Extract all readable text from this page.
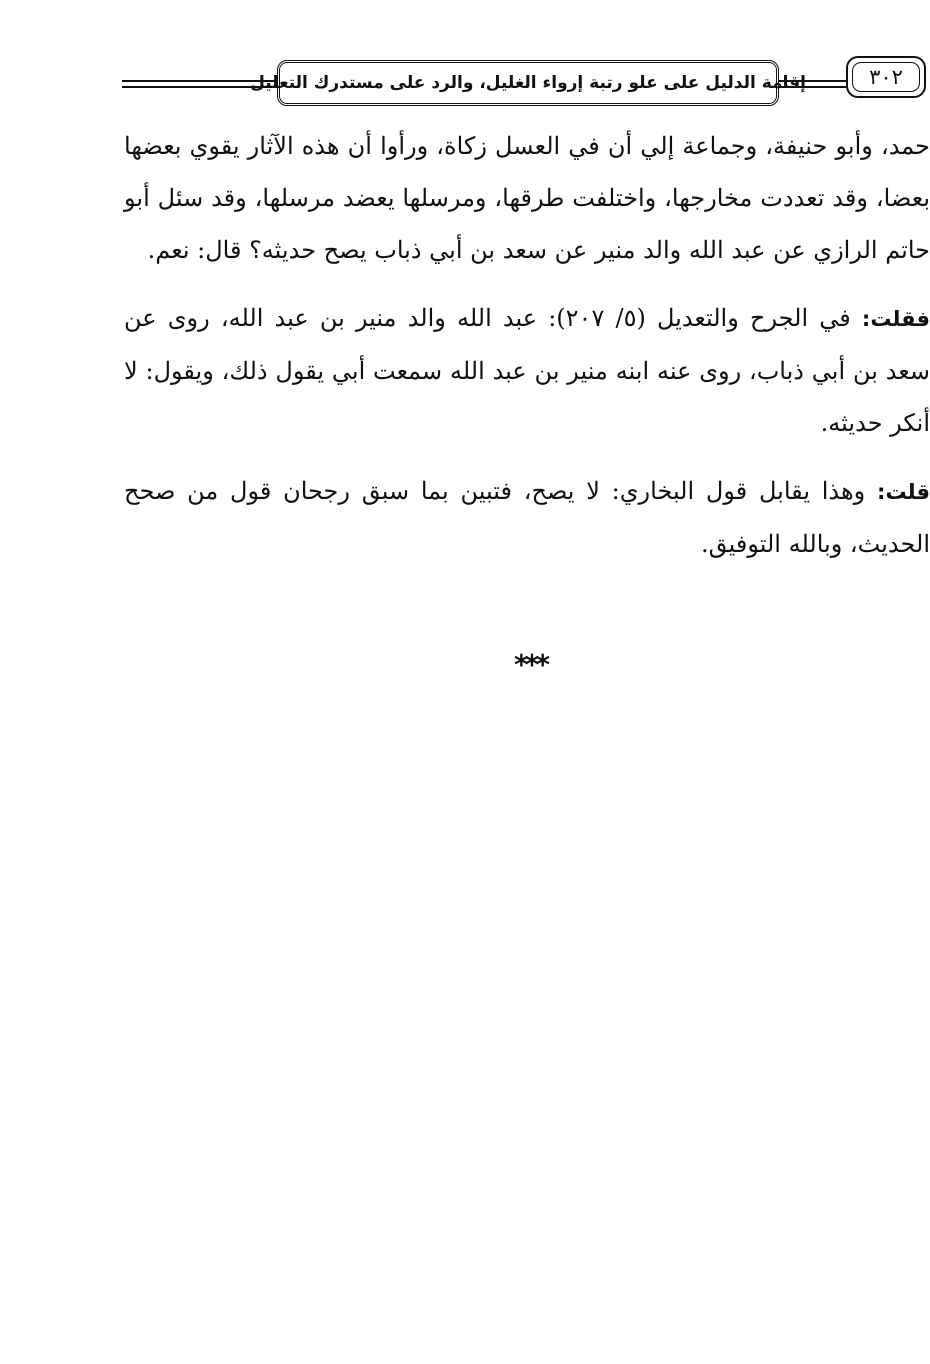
إقامة الدليل على علو رتبة إرواء الغليل، والرد على مستدرك التعليل	٣٠٢

حمد، وأبو حنيفة، وجماعة إلي أن في العسل زكاة، ورأوا أن هذه الآثار يقوي بعضها بعضا، وقد تعددت مخارجها، واختلفت طرقها، ومرسلها يعضد مرسلها، وقد سئل أبو حاتم الرازي عن عبد الله والد منير عن سعد بن أبي ذباب يصح حديثه؟ قال: نعم.

فقلت: في الجرح والتعديل (٥/ ٢٠٧): عبد الله والد منير بن عبد الله، روى عن سعد بن أبي ذباب، روى عنه ابنه منير بن عبد الله سمعت أبي يقول ذلك، ويقول: لا أنكر حديثه.

قلت: وهذا يقابل قول البخاري: لا يصح، فتبين بما سبق رجحان قول من صحح الحديث، وبالله التوفيق.

***
